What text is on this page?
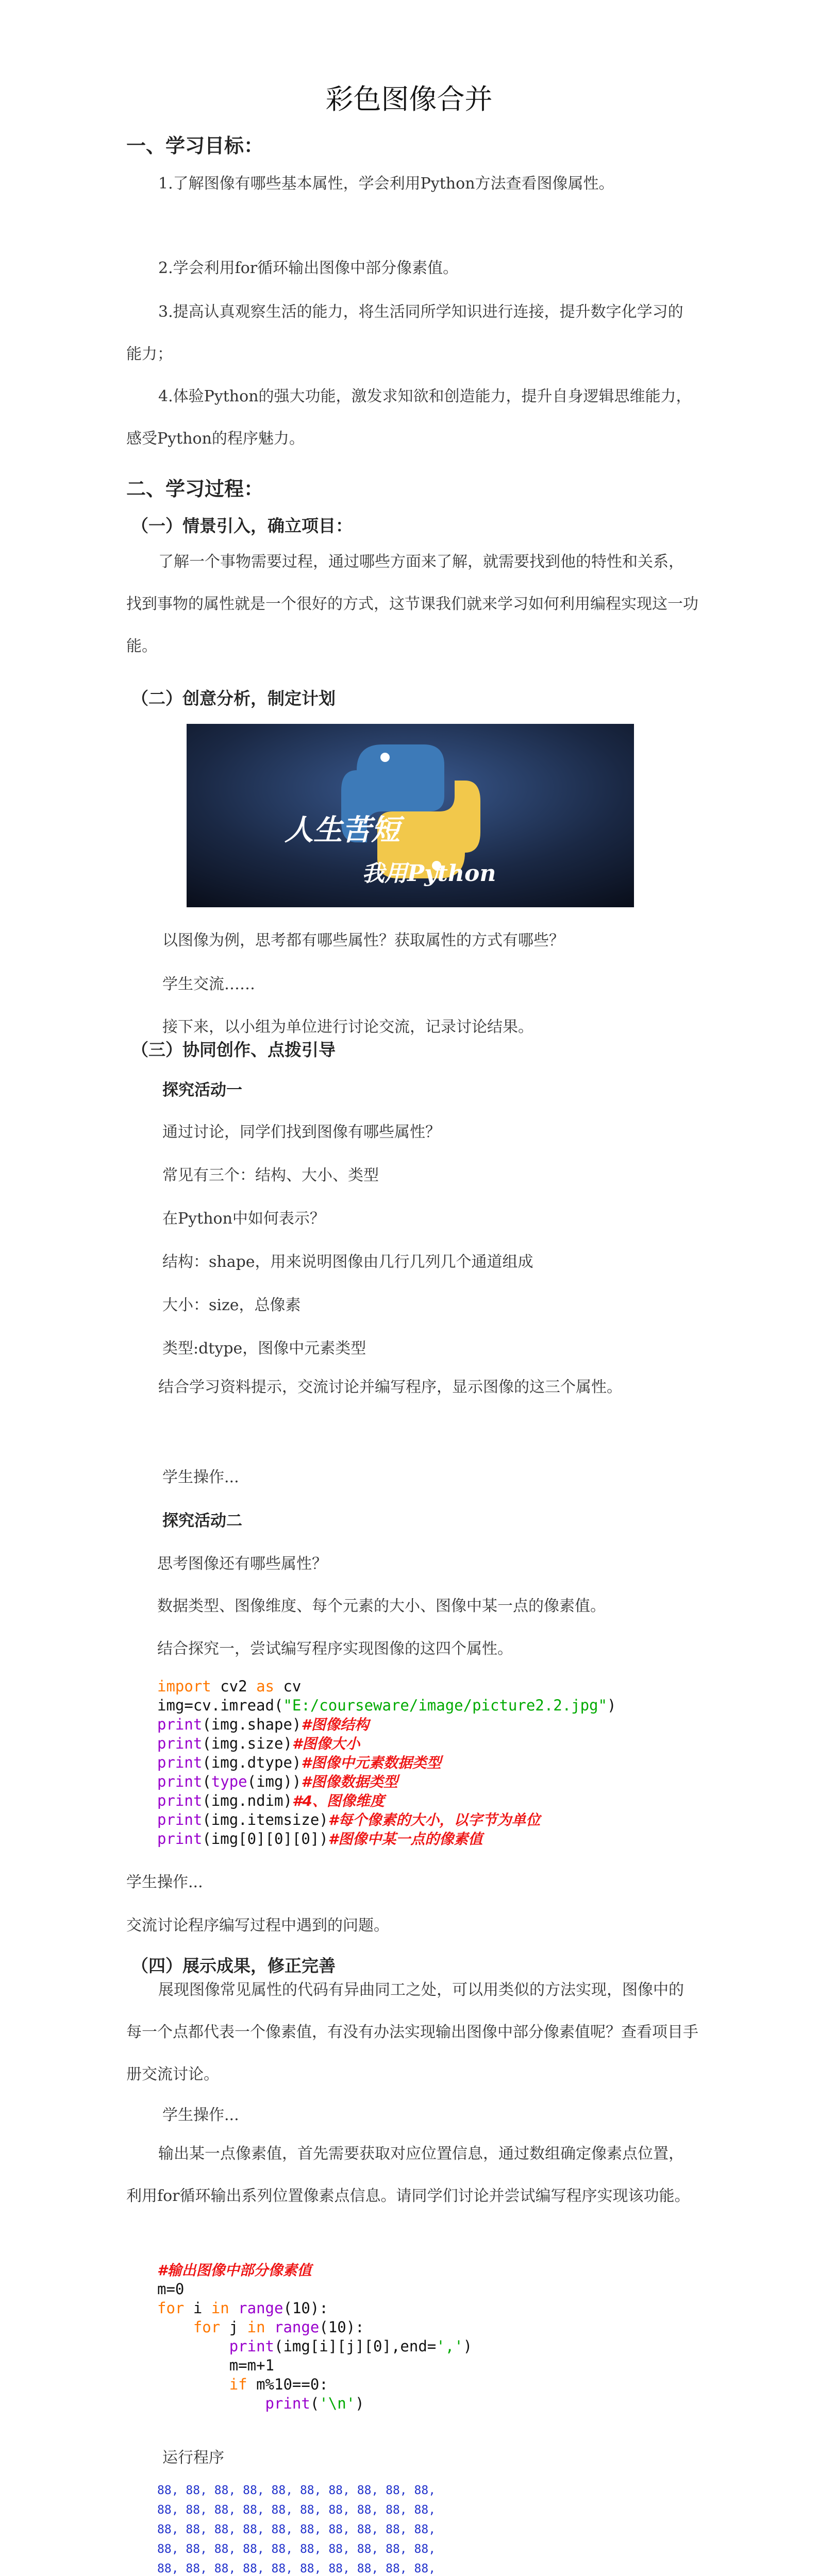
彩色图像合并
一、学习目标：
1.了解图像有哪些基本属性，学会利用Python方法查看图像属性。
2.学会利用for循环输出图像中部分像素值。
3.提高认真观察生活的能力，将生活同所学知识进行连接，提升数字化学习的能力；
4.体验Python的强大功能，激发求知欲和创造能力，提升自身逻辑思维能力，感受Python的程序魅力。
二、学习过程：
（一）情景引入，确立项目：
了解一个事物需要过程，通过哪些方面来了解，就需要找到他的特性和关系，找到事物的属性就是一个很好的方式，这节课我们就来学习如何利用编程实现这一功能。
（二）创意分析，制定计划
人生苦短
我用Python
以图像为例，思考都有哪些属性？获取属性的方式有哪些？
学生交流……
接下来，以小组为单位进行讨论交流，记录讨论结果。
（三）协同创作、点拨引导
探究活动一
通过讨论，同学们找到图像有哪些属性？
常见有三个：结构、大小、类型
在Python中如何表示？
结构：shape，用来说明图像由几行几列几个通道组成
大小：size，总像素
类型:dtype，图像中元素类型
结合学习资料提示，交流讨论并编写程序，显示图像的这三个属性。
学生操作...
探究活动二
思考图像还有哪些属性？
数据类型、图像维度、每个元素的大小、图像中某一点的像素值。
结合探究一，尝试编写程序实现图像的这四个属性。
import cv2 as cv
img=cv.imread("E:/courseware/image/picture2.2.jpg")
print(img.shape)#图像结构
print(img.size)#图像大小
print(img.dtype)#图像中元素数据类型
print(type(img))#图像数据类型
print(img.ndim)#4、图像维度
print(img.itemsize)#每个像素的大小，以字节为单位
print(img[0][0][0])#图像中某一点的像素值
学生操作...
交流讨论程序编写过程中遇到的问题。
（四）展示成果，修正完善
展现图像常见属性的代码有异曲同工之处，可以用类似的方法实现，图像中的每一个点都代表一个像素值，有没有办法实现输出图像中部分像素值呢？查看项目手册交流讨论。
学生操作...
输出某一点像素值，首先需要获取对应位置信息，通过数组确定像素点位置，利用for循环输出系列位置像素点信息。请同学们讨论并尝试编写程序实现该功能。
#输出图像中部分像素值
m=0
for i in range(10):
for j in range(10):
print(img[i][j][0],end=',')
m=m+1
if m%10==0:
print('\n')
运行程序
88, 88, 88, 88, 88, 88, 88, 88, 88, 88,
88, 88, 88, 88, 88, 88, 88, 88, 88, 88,
88, 88, 88, 88, 88, 88, 88, 88, 88, 88,
88, 88, 88, 88, 88, 88, 88, 88, 88, 88,
88, 88, 88, 88, 88, 88, 88, 88, 88, 88,
